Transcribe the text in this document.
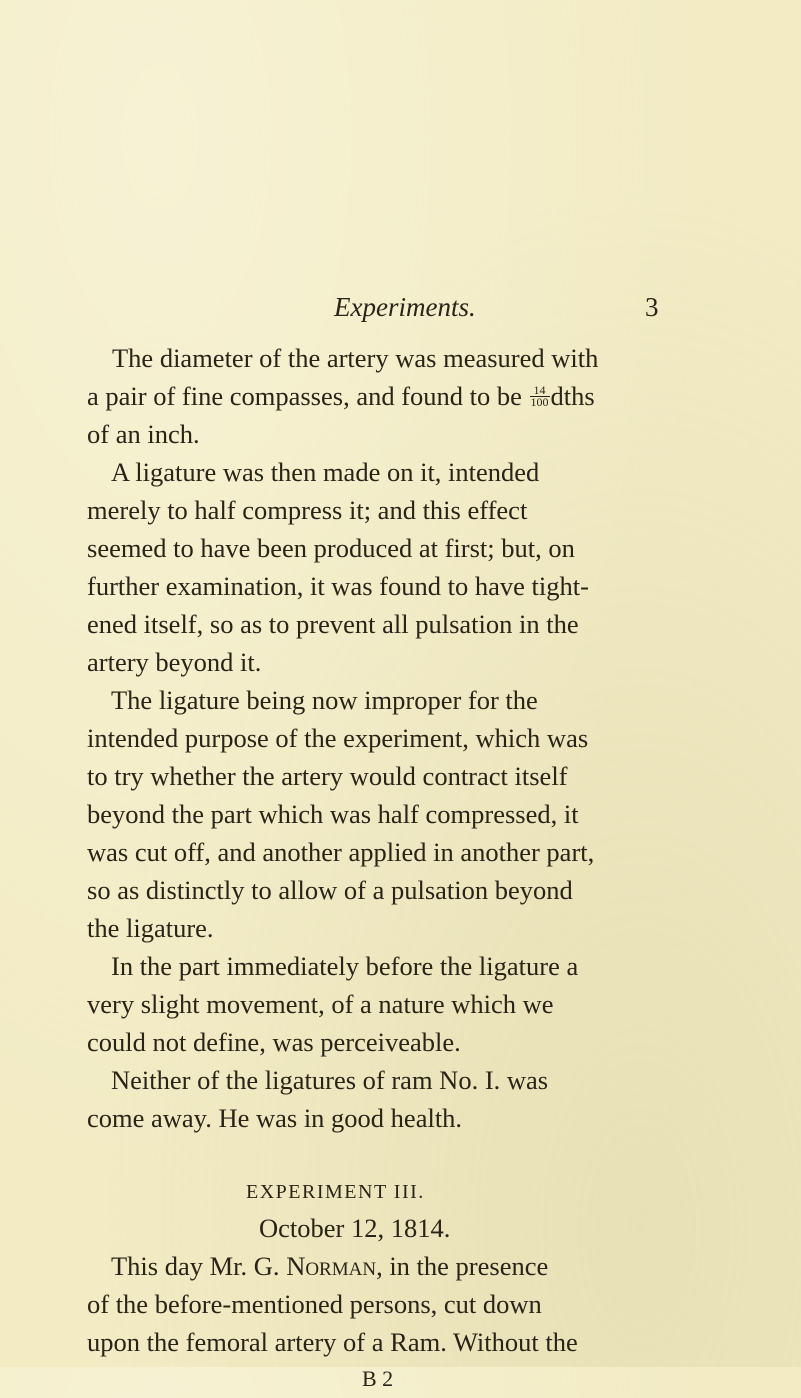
Experiments.	3
The diameter of the artery was measured with
a pair of fine compasses, and found to be $\frac{14}{100}$ dths
of an inch.
A ligature was then made on it, intended
merely to half compress it; and this effect
seemed to have been produced at first; but, on
further examination, it was found to have tight-
ened itself, so as to prevent all pulsation in the
artery beyond it.
The ligature being now improper for the
intended purpose of the experiment, which was
to try whether the artery would contract itself
beyond the part which was half compressed, it
was cut off, and another applied in another part,
so as distinctly to allow of a pulsation beyond
the ligature.
In the part immediately before the ligature a
very slight movement, of a nature which we
could not define, was perceiveable.
Neither of the ligatures of ram No. I. was
come away. He was in good health.
EXPERIMENT III.
October 12, 1814.
This day Mr. G. Norman, in the presence
of the before-mentioned persons, cut down
upon the femoral artery of a Ram. Without the
B 2
